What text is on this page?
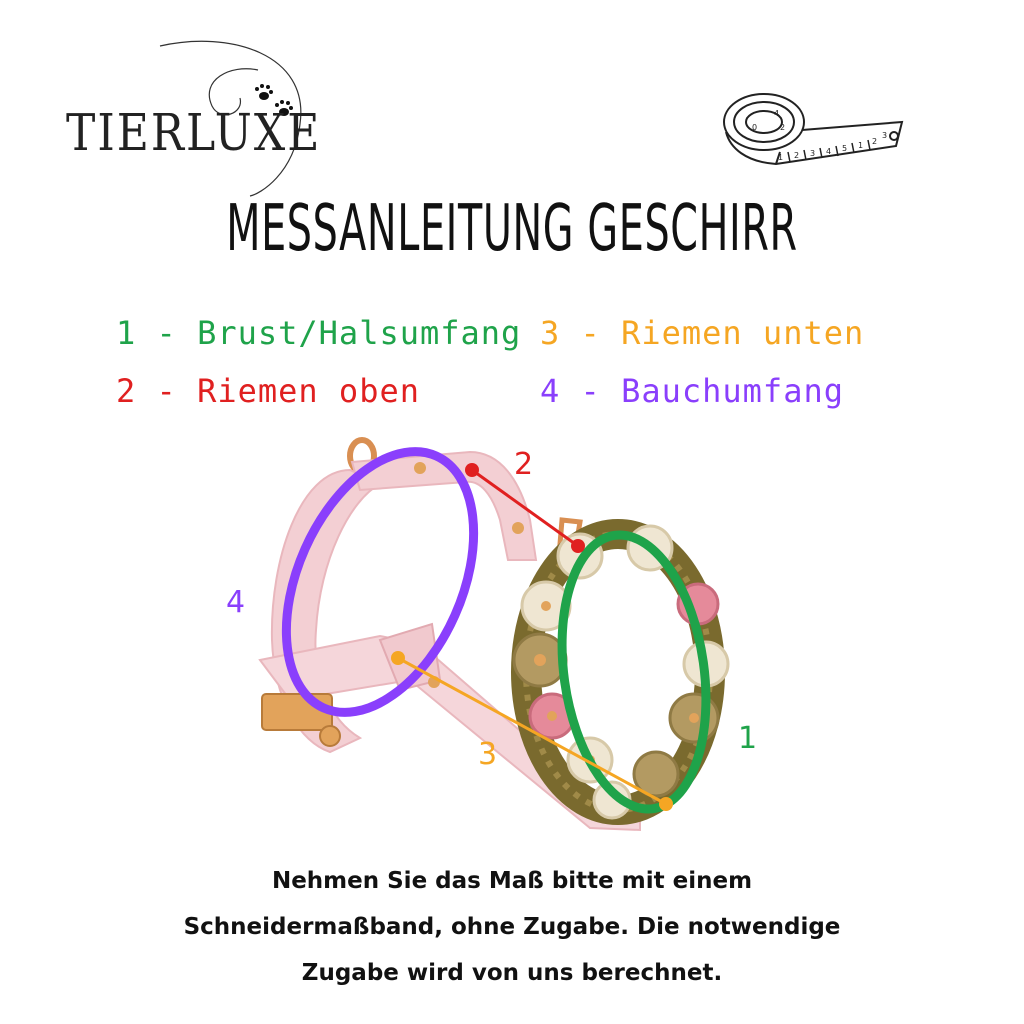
TIERLUXE	1 2 3 4 5 1 2
3
4
2
0
MESSANLEITUNG GESCHIRR
1 - Brust/Halsumfang 3 - Riemen unten
2 - Riemen oben	4 - Bauchumfang
2
4
3	1
Nehmen Sie das Maß bitte mit einem
Schneidermaßband, ohne Zugabe. Die notwendige
Zugabe wird von uns berechnet.
